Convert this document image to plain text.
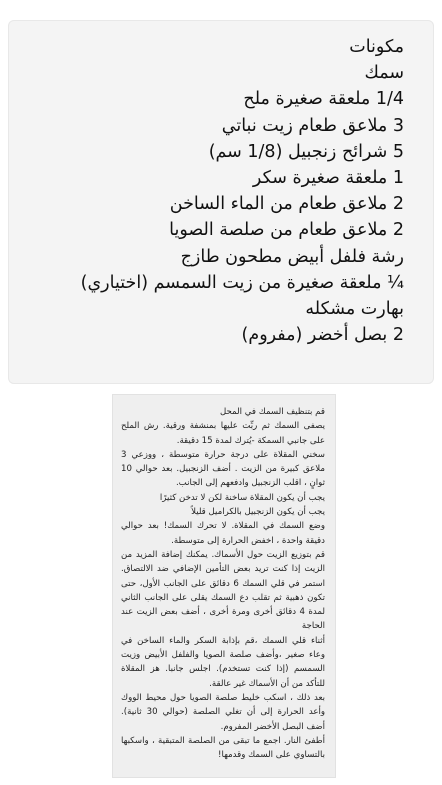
مكونات
سمك
1/4 ملعقة صغيرة ملح
3 ملاعق طعام زيت نباتي
5 شرائح زنجبيل (1/8 سم)
1 ملعقة صغيرة سكر
2 ملاعق طعام من الماء الساخن
2 ملاعق طعام من صلصة الصويا
رشة فلفل أبيض مطحون طازج
¼ ملعقة صغيرة من زيت السمسم (اختياري)
بهارت مشكله
2 بصل أخضر (مفروم)

قم بتنظيف السمك في المحل

يصفى السمك ثم ربِّت عليها بمنشفة ورقية. رش الملح على جانبي السمكة -يُترك لمدة 15 دقيقة.

سخني المقلاة على درجة حرارة متوسطة ، ووزعي 3 ملاعق كبيرة من الزيت . أضف الزنجبيل. بعد حوالي 10 ثوانٍ ، اقلب الزنجبيل وادفعهم إلى الجانب.

يجب أن يكون المقلاة ساخنة لكن لا تدخن كثيرًا

يجب أن يكون الزنجبيل بالكراميل قليلاً

وضع السمك في المقلاة. لا تحرك السمك! بعد حوالي دقيقة واحدة ، اخفض الحرارة إلى متوسطة.

قم بتوزيع الزيت حول الأسماك. يمكنك إضافة المزيد من الزيت إذا كنت تريد بعض التأمين الإضافي ضد الالتصاق. استمر في قلي السمك 6 دقائق على الجانب الأول، حتى تكون ذهبية ثم تقلب دع السمك يقلى على الجانب الثاني لمدة 4 دقائق أخرى ومرة أخرى ، أضف بعض الزيت عند الحاجة

أثناء قلي السمك ،قم بإذابة السكر والماء الساخن في وعاء صغير ،وأضف صلصة الصويا والفلفل الأبيض وزيت السمسم (إذا كنت تستخدم). اجلس جانبا. هز المقلاة للتأكد من أن الأسماك غير عالقة.

بعد ذلك ، اسكب خليط صلصة الصويا حول محيط الووك وأعد الحرارة إلى أن تغلي الصلصة (حوالي 30 ثانية). أضف البصل الأخضر المفروم.

أطفئ النار. اجمع ما تبقى من الصلصة المتبقية ، واسكبها بالتساوي على السمك وقدمها!
